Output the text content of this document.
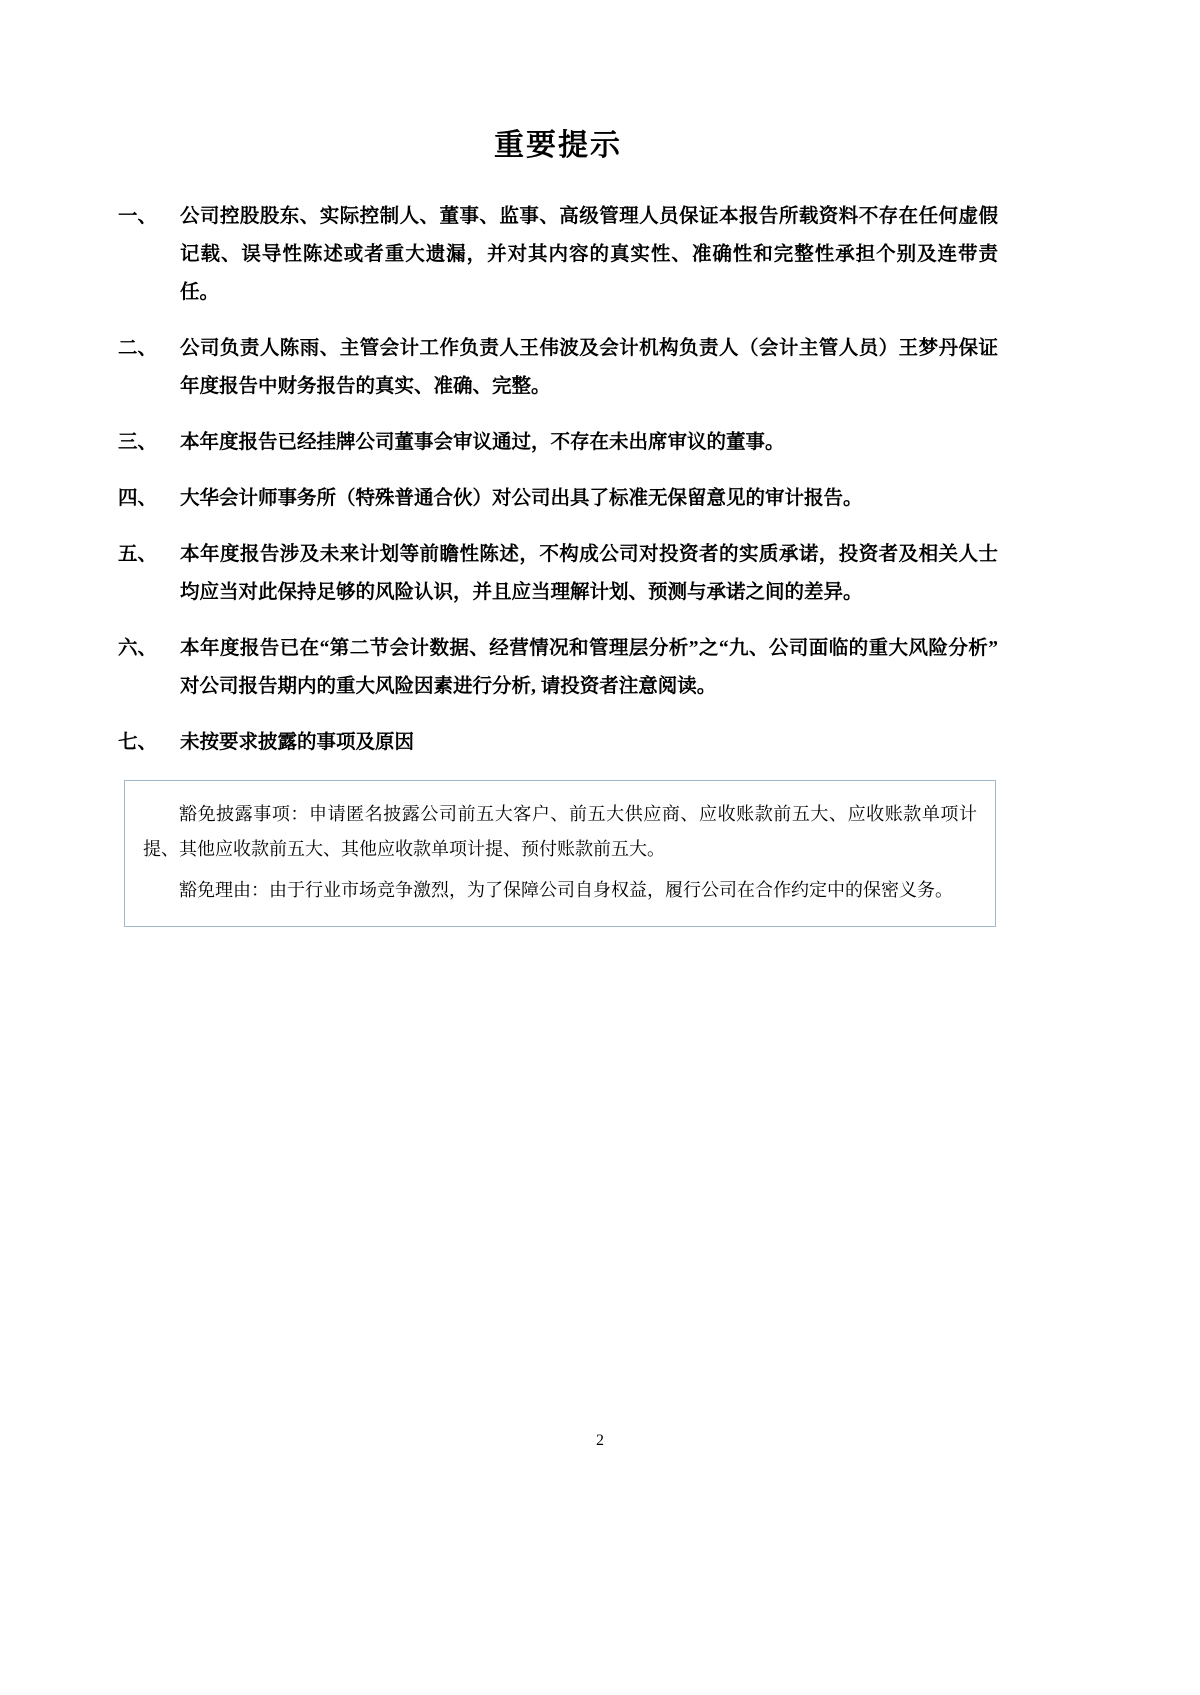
重要提示
一、	公司控股股东、实际控制人、董事、监事、高级管理人员保证本报告所载资料不存在任何虚假记载、误导性陈述或者重大遗漏，并对其内容的真实性、准确性和完整性承担个别及连带责任。
二、	公司负责人陈雨、主管会计工作负责人王伟波及会计机构负责人（会计主管人员）王梦丹保证年度报告中财务报告的真实、准确、完整。
三、	本年度报告已经挂牌公司董事会审议通过，不存在未出席审议的董事。
四、	大华会计师事务所（特殊普通合伙）对公司出具了标准无保留意见的审计报告。
五、	本年度报告涉及未来计划等前瞻性陈述，不构成公司对投资者的实质承诺，投资者及相关人士均应当对此保持足够的风险认识，并且应当理解计划、预测与承诺之间的差异。
六、	本年度报告已在“第二节会计数据、经营情况和管理层分析”之“九、公司面临的重大风险分析”对公司报告期内的重大风险因素进行分析, 请投资者注意阅读。
七、	未按要求披露的事项及原因

豁免披露事项：申请匿名披露公司前五大客户、前五大供应商、应收账款前五大、应收账款单项计提、其他应收款前五大、其他应收款单项计提、预付账款前五大。

豁免理由：由于行业市场竞争激烈，为了保障公司自身权益，履行公司在合作约定中的保密义务。

2
